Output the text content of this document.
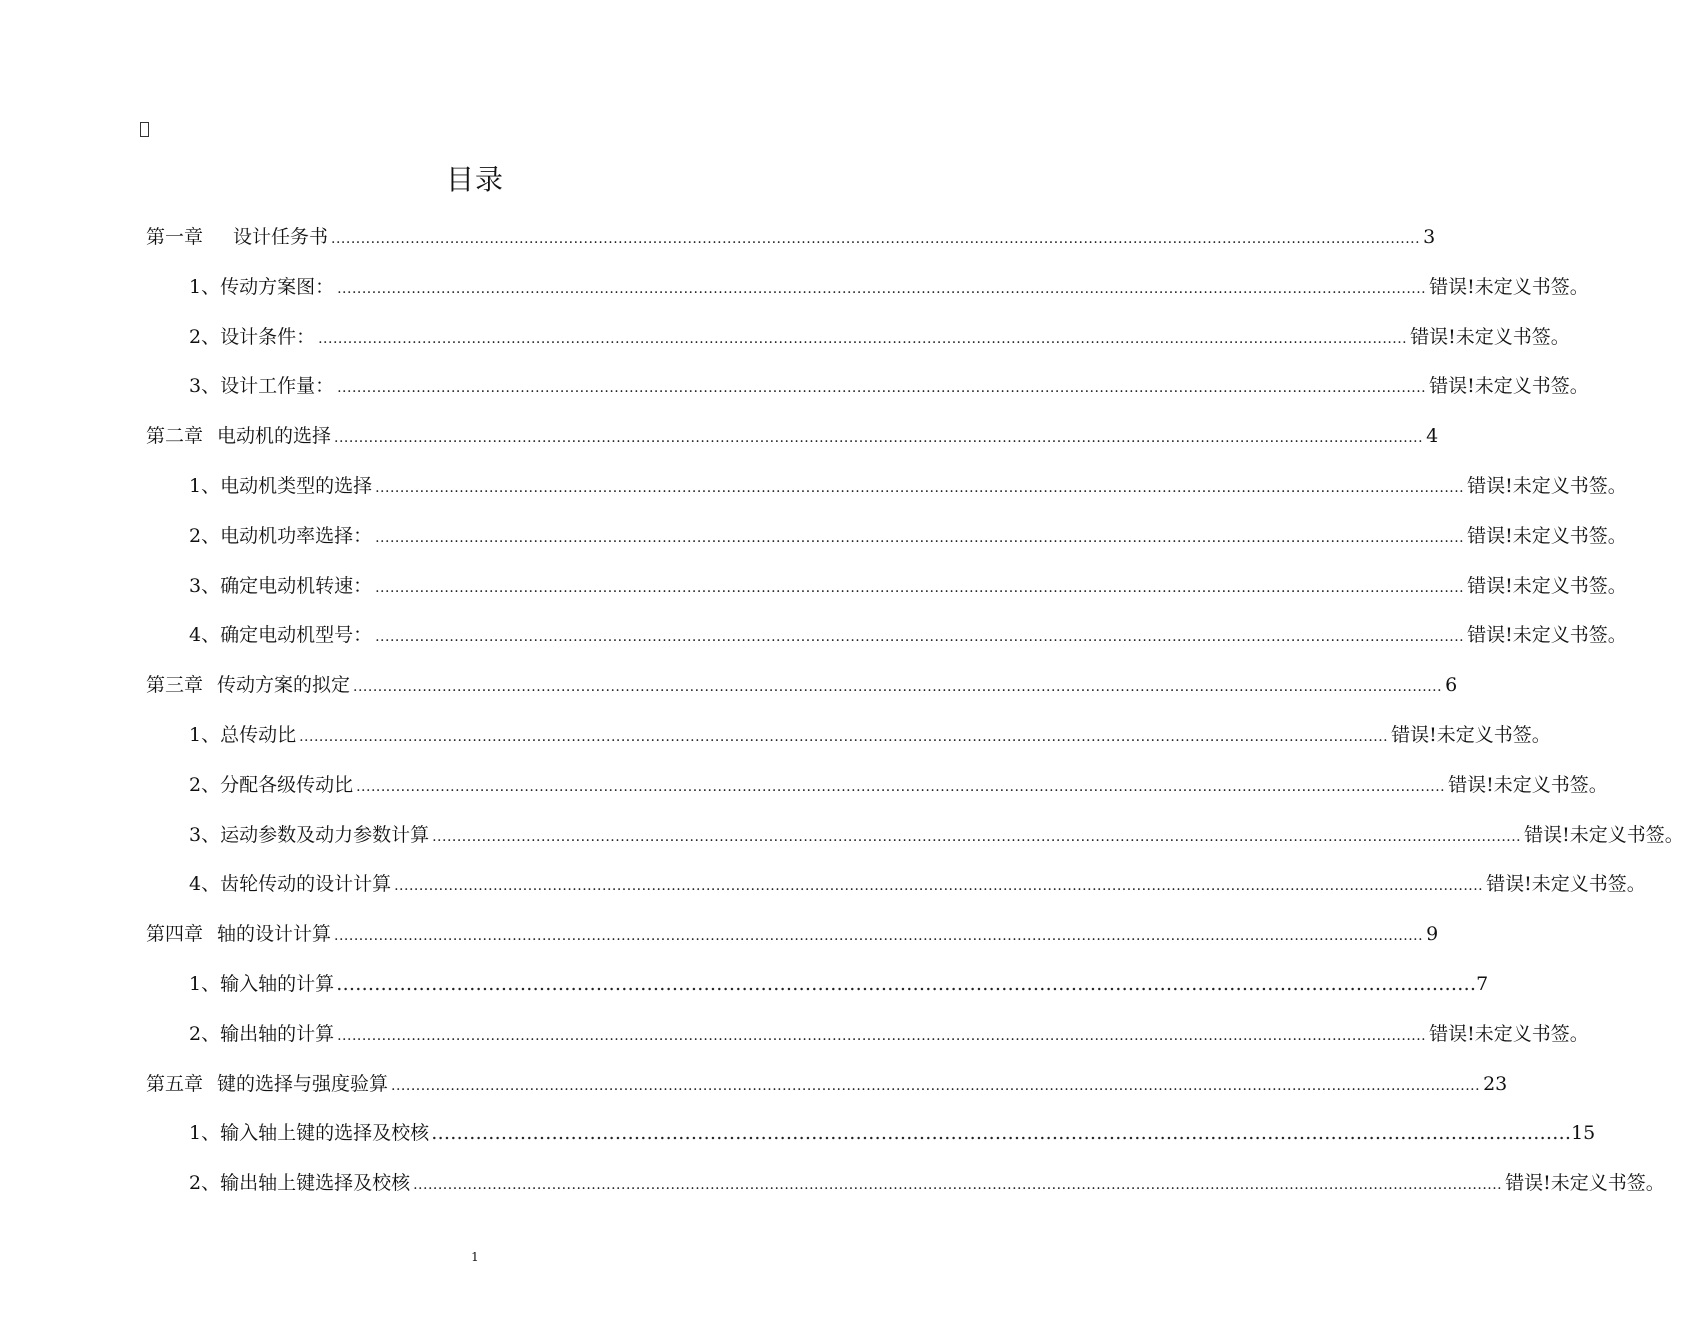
目录
第一章 设计任务书 ............................................................................................................................................................................................................................ 3
1、传动方案图： ............................................................................................................................................................................................................................ 错误!未定义书签。
2、设计条件： ............................................................................................................................................................................................................................ 错误!未定义书签。
3、设计工作量： ............................................................................................................................................................................................................................ 错误!未定义书签。
第二章 电动机的选择 ............................................................................................................................................................................................................................ 4
1、电动机类型的选择 ............................................................................................................................................................................................................................ 错误!未定义书签。
2、电动机功率选择： ............................................................................................................................................................................................................................ 错误!未定义书签。
3、确定电动机转速： ............................................................................................................................................................................................................................ 错误!未定义书签。
4、确定电动机型号： ............................................................................................................................................................................................................................ 错误!未定义书签。
第三章 传动方案的拟定 ............................................................................................................................................................................................................................ 6
1、总传动比 ............................................................................................................................................................................................................................ 错误!未定义书签。
2、分配各级传动比 ............................................................................................................................................................................................................................ 错误!未定义书签。
3、运动参数及动力参数计算 ............................................................................................................................................................................................................................ 错误!未定义书签。
4、齿轮传动的设计计算 ............................................................................................................................................................................................................................ 错误!未定义书签。
第四章 轴的设计计算 ............................................................................................................................................................................................................................ 9
1、输入轴的计算 ……………………………………………………………………………………………………………………………………………………………… 7
2、输出轴的计算 ............................................................................................................................................................................................................................ 错误!未定义书签。
第五章 键的选择与强度验算 ............................................................................................................................................................................................................................ 23
1、输入轴上键的选择及校核 ……………………………………………………………………………………………………………………………………………………………… 15
2、输出轴上键选择及校核 ............................................................................................................................................................................................................................ 错误!未定义书签。
1
